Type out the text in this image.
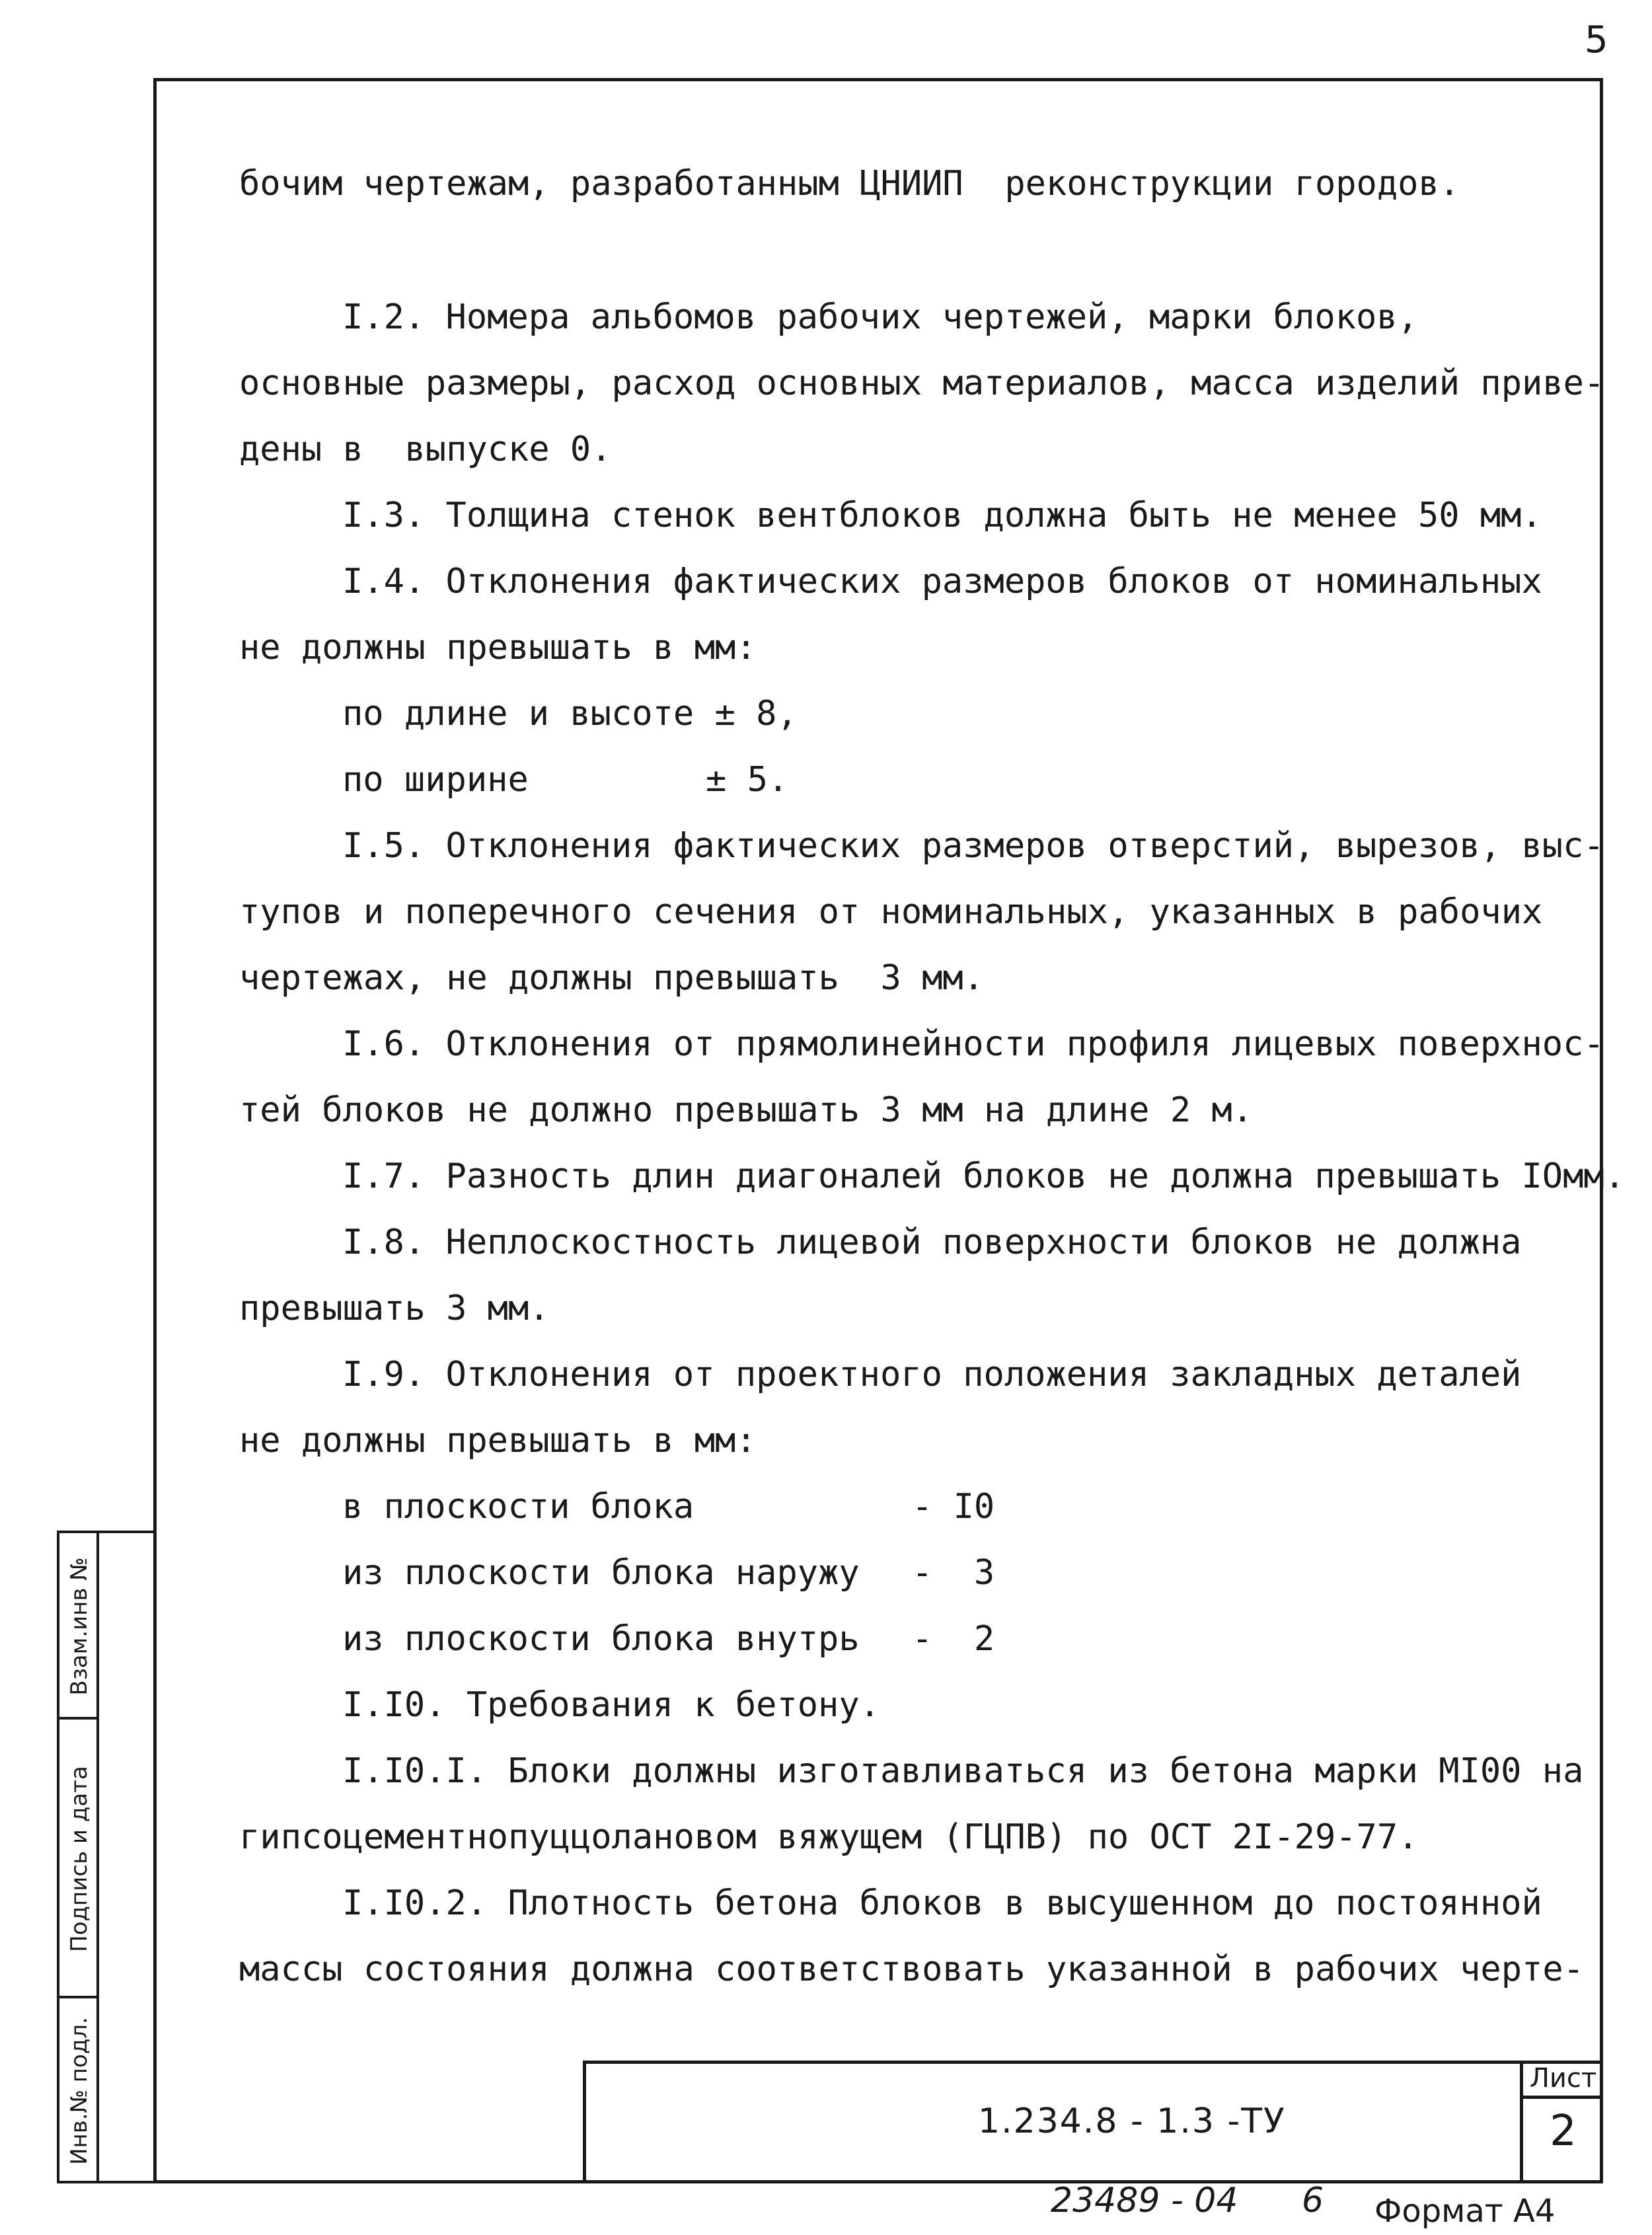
5
бочим чертежам, разработанным ЦНИИП  реконструкции городов.
I.2. Номера альбомов рабочих чертежей, марки блоков,
основные размеры, расход основных материалов, масса изделий приве-
дены в  выпуске 0.
I.3. Толщина стенок вентблоков должна быть не менее 50 мм.
I.4. Отклонения фактических размеров блоков от номинальных
не должны превышать в мм:
по длине и высоте ± 8,
по ширине	± 5.
I.5. Отклонения фактических размеров отверстий, вырезов, выс-
тупов и поперечного сечения от номинальных, указанных в рабочих
чертежах, не должны превышать  3 мм.
I.6. Отклонения от прямолинейности профиля лицевых поверхнос-
тей блоков не должно превышать 3 мм на длине 2 м.
I.7. Разность длин диагоналей блоков не должна превышать IОмм.
I.8. Неплоскостность лицевой поверхности блоков не должна
превышать 3 мм.
I.9. Отклонения от проектного положения закладных деталей
не должны превышать в мм:
в плоскости блока	- I0
из плоскости блока наружу -  3
из плоскости блока внутрь -  2
I.I0. Требования к бетону.
I.I0.I. Блоки должны изготавливаться из бетона марки МI00 на
гипсоцементнопуццолановом вяжущем (ГЦПВ) по ОСТ 2I-29-77.
I.I0.2. Плотность бетона блоков в высушенном до постоянной
массы состояния должна соответствовать указанной в рабочих черте-
Взам.инв №
Подпись и дата
Инв.№ подл.	1.234.8 - 1.3 -ТУ
Лист
2
23489 - 04 6 Формат А4
